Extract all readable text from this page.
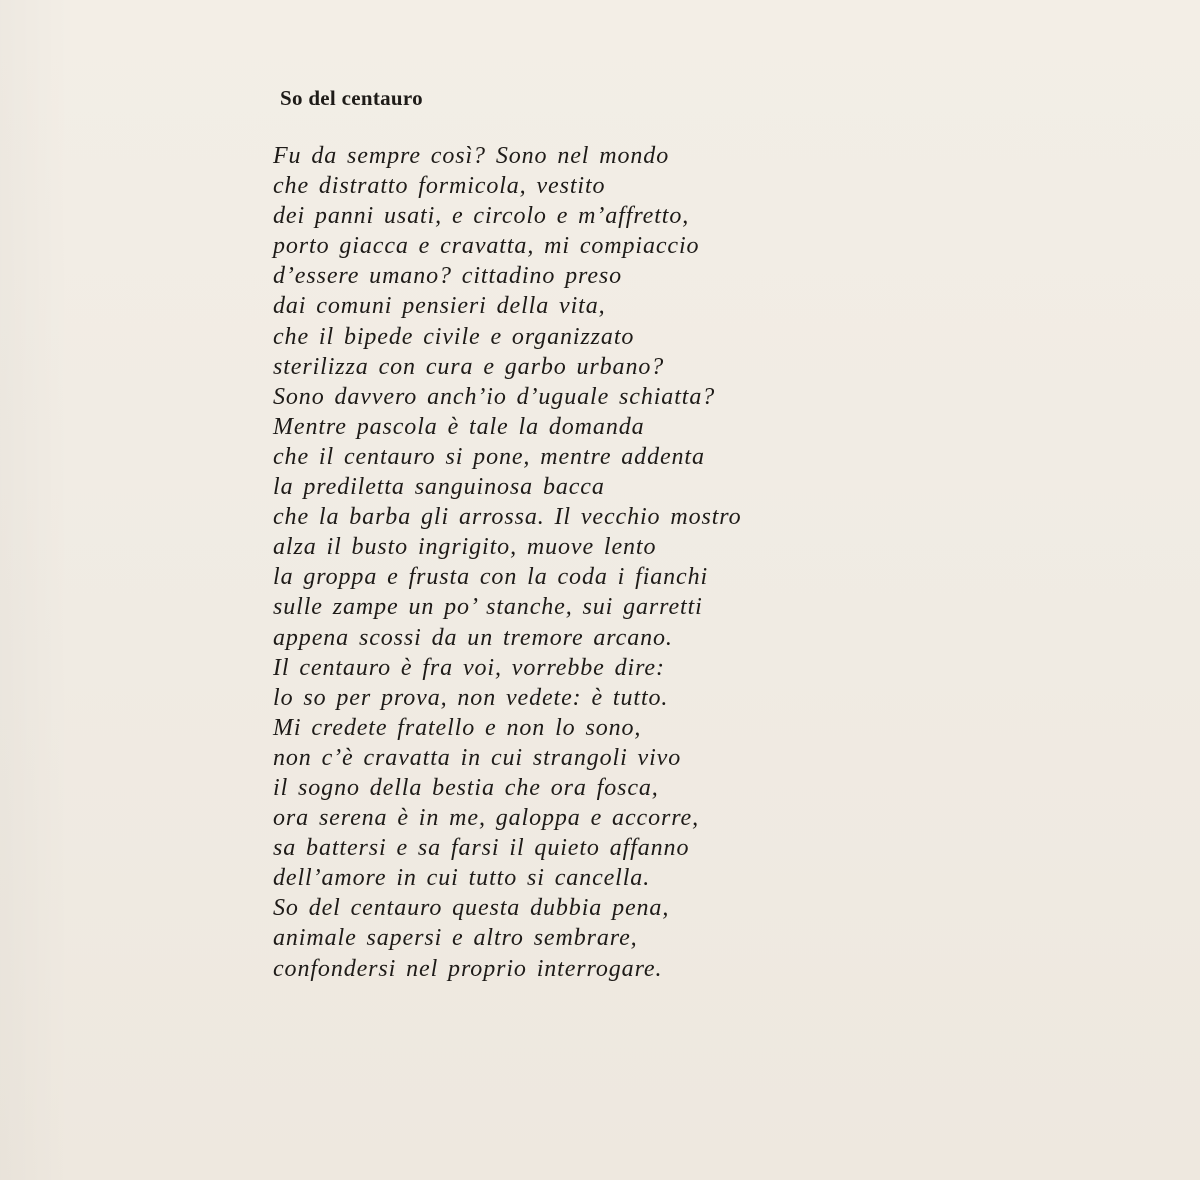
So del centauro
Fu da sempre così? Sono nel mondo
che distratto formicola, vestito
dei panni usati, e circolo e m’affretto,
porto giacca e cravatta, mi compiaccio
d’essere umano? cittadino preso
dai comuni pensieri della vita,
che il bipede civile e organizzato
sterilizza con cura e garbo urbano?
Sono davvero anch’io d’uguale schiatta?
Mentre pascola è tale la domanda
che il centauro si pone, mentre addenta
la prediletta sanguinosa bacca
che la barba gli arrossa. Il vecchio mostro
alza il busto ingrigito, muove lento
la groppa e frusta con la coda i fianchi
sulle zampe un po’ stanche, sui garretti
appena scossi da un tremore arcano.
Il centauro è fra voi, vorrebbe dire:
lo so per prova, non vedete: è tutto.
Mi credete fratello e non lo sono,
non c’è cravatta in cui strangoli vivo
il sogno della bestia che ora fosca,
ora serena è in me, galoppa e accorre,
sa battersi e sa farsi il quieto affanno
dell’amore in cui tutto si cancella.
So del centauro questa dubbia pena,
animale sapersi e altro sembrare,
confondersi nel proprio interrogare.
